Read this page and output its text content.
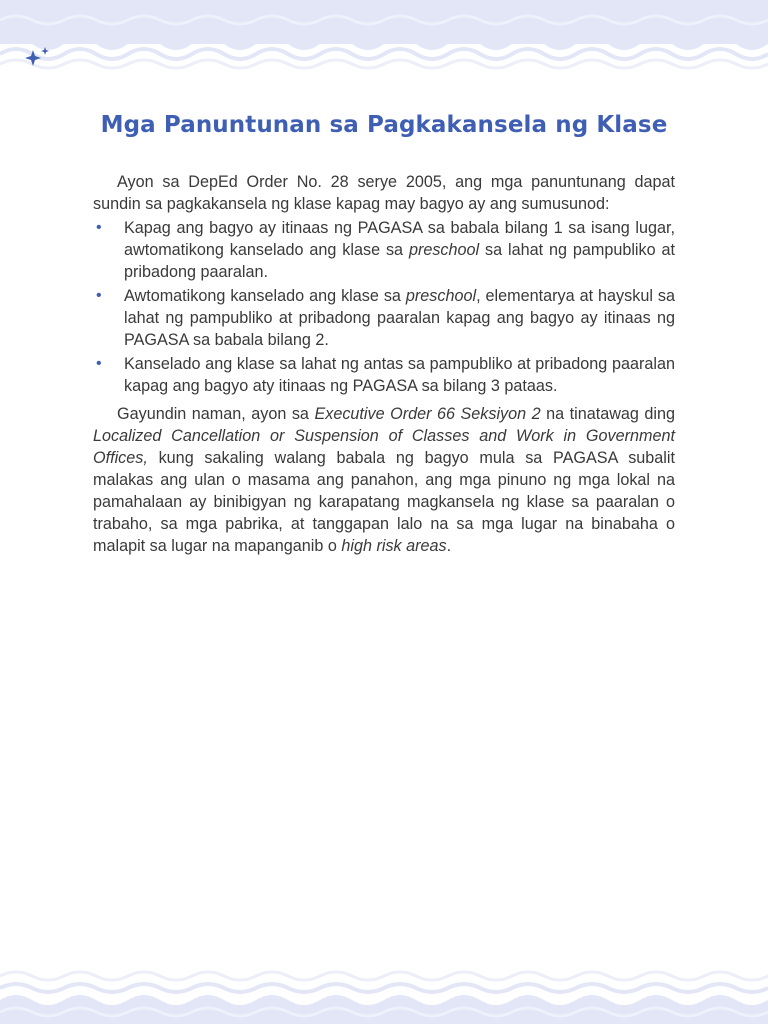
Mga Panuntunan sa Pagkakansela ng Klase

Ayon sa DepEd Order No. 28 serye 2005, ang mga panuntunang dapat sundin sa pagkakansela ng klase kapag may bagyo ay ang sumusunod:

• Kapag ang bagyo ay itinaas ng PAGASA sa babala bilang 1 sa isang lugar, awtomatikong kanselado ang klase sa preschool sa lahat ng pampubliko at pribadong paaralan.
• Awtomatikong kanselado ang klase sa preschool, elementarya at hayskul sa lahat ng pampubliko at pribadong paaralan kapag ang bagyo ay itinaas ng PAGASA sa babala bilang 2.
• Kanselado ang klase sa lahat ng antas sa pampubliko at pribadong paaralan kapag ang bagyo aty itinaas ng PAGASA sa bilang 3 pataas.

Gayundin naman, ayon sa Executive Order 66 Seksiyon 2 na tinatawag ding Localized Cancellation or Suspension of Classes and Work in Government Offices, kung sakaling walang babala ng bagyo mula sa PAGASA subalit malakas ang ulan o masama ang panahon, ang mga pinuno ng mga lokal na pamahalaan ay binibigyan ng karapatang magkansela ng klase sa paaralan o trabaho, sa mga pabrika, at tanggapan lalo na sa mga lugar na binabaha o malapit sa lugar na mapanganib o high risk areas.
